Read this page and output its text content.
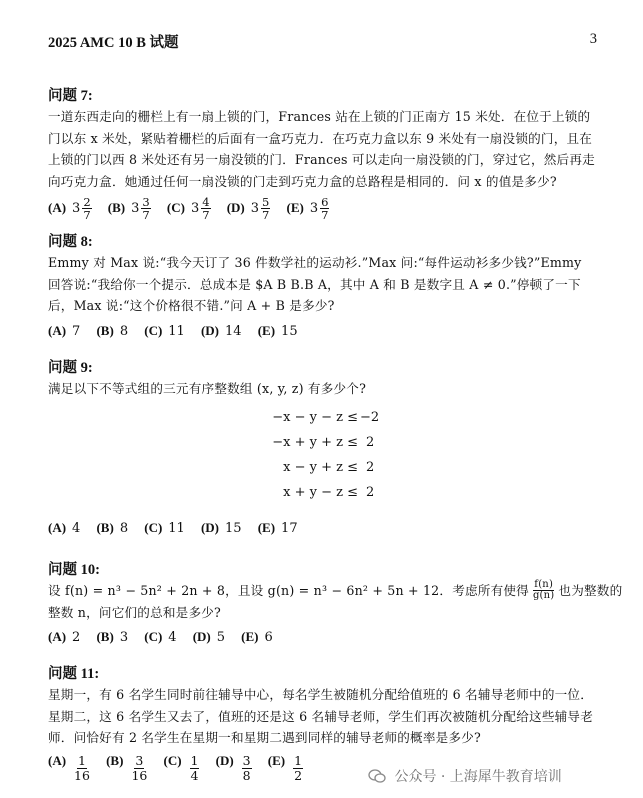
2025 AMC 10 B 试题	3
问题 7:
一道东西走向的栅栏上有一扇上锁的门，Frances 站在上锁的门正南方 15 米处．在位于上锁的
门以东 x 米处，紧贴着栅栏的后面有一盒巧克力．在巧克力盒以东 9 米处有一扇没锁的门，且在
上锁的门以西 8 米处还有另一扇没锁的门．Frances 可以走向一扇没锁的门，穿过它，然后再走
向巧克力盒．她通过任何一扇没锁的门走到巧克力盒的总路程是相同的．问 x 的值是多少?
(A) $3 \frac{2}{7} (B)$ $3 \frac{3}{7} (C)$ $3 \frac{4}{7} (D)$ $3 \frac{5}{7} (E)$ $3 \frac{6}{7}$
问题 8:
Emmy 对 Max 说:“我今天订了 36 件数学社的运动衫.”Max 问:“每件运动衫多少钱?”Emmy
回答说:“我给你一个提示．总成本是 $A B B.B A，其中 A 和 B 是数字且 A ≠ 0.”停顿了一下
后，Max 说:“这个价格很不错.”问 A + B 是多少?
(A) 7 (B) 8 (C) 11 (D) 14 (E) 15
问题 9:
满足以下不等式组的三元有序整数组 (x, y, z) 有多少个?
−x − y − z ≤ −2
−x + y + z ≤ 2
x − y + z ≤ 2
x + y − z ≤ 2
(A) 4 (B) 8 (C) 11 (D) 15 (E) 17
问题 10:
设 f(n) = n³ − 5n² + 2n + 8，且设 g(n) = n³ − 6n² + 5n + 12．考虑所有使得 $\frac{f(n)}{g(n)}$ 也为整数的
整数 n，问它们的总和是多少?
(A) 2 (B) 3 (C) 4 (D) 5 (E) 6
问题 11:
星期一，有 6 名学生同时前往辅导中心，每名学生被随机分配给值班的 6 名辅导老师中的一位．
星期二，这 6 名学生又去了，值班的还是这 6 名辅导老师，学生们再次被随机分配给这些辅导老
师．问恰好有 2 名学生在星期一和星期二遇到同样的辅导老师的概率是多少?
$(A) \frac{1}{16} (B) \frac{3}{16} (C) \frac{1}{4} (D) \frac{3}{8} (E) \frac{1}{2}$	公众号 · 上海犀牛教育培训
